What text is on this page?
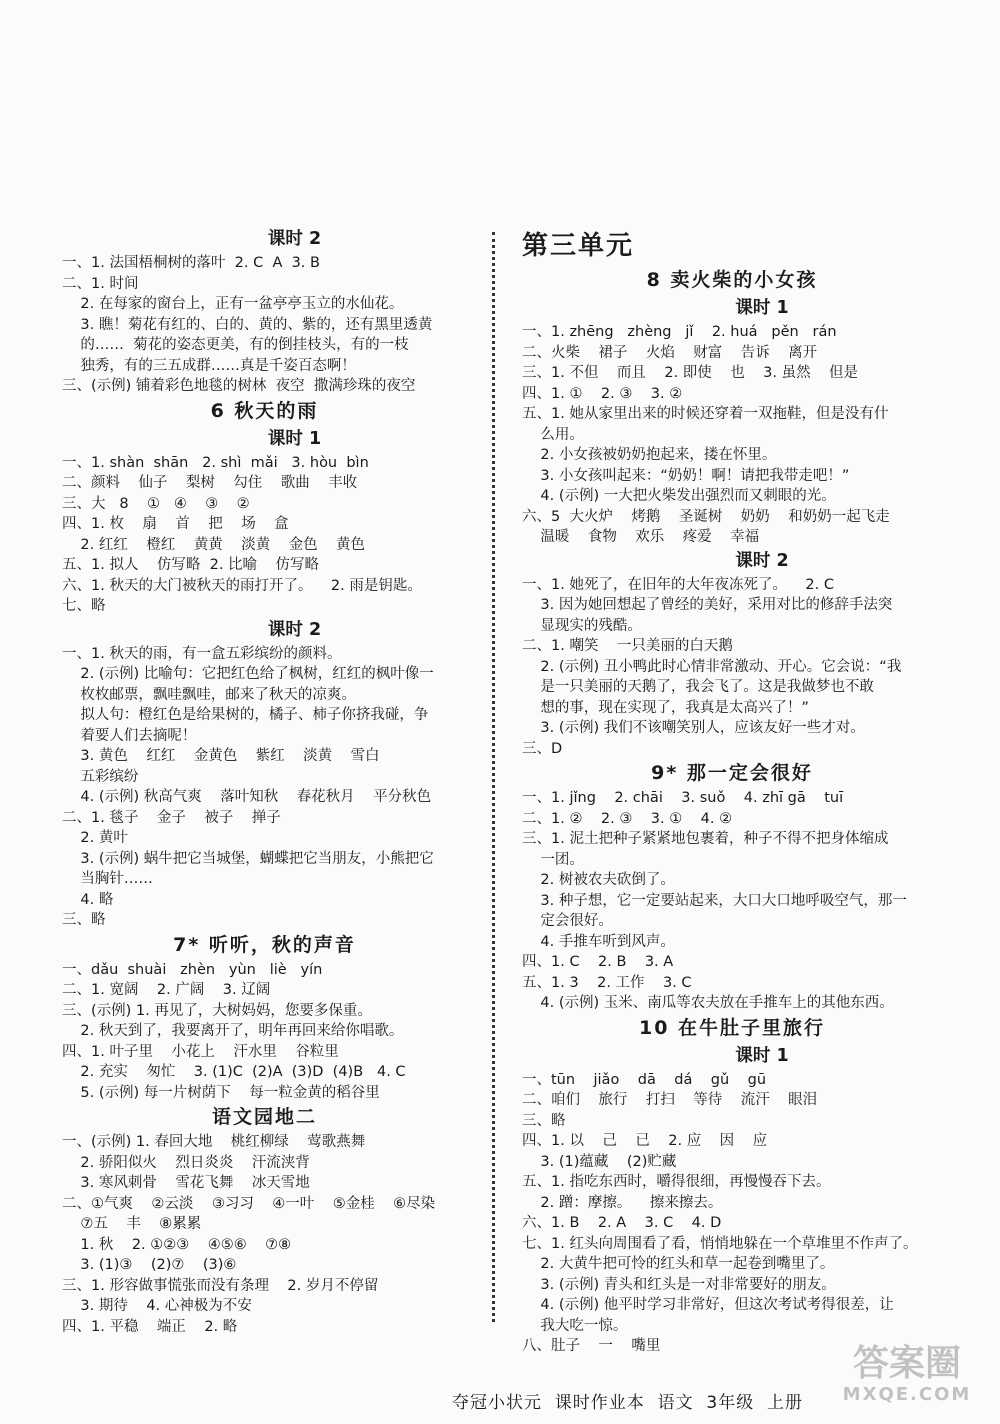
课时 2
一、1. 法国梧桐树的落叶  2. C  A  3. B
二、1. 时间
2. 在每家的窗台上，正有一盆亭亭玉立的水仙花。
3. 瞧！菊花有红的、白的、黄的、紫的，还有黑里透黄
的……  菊花的姿态更美，有的倒挂枝头，有的一枝
独秀，有的三五成群……真是千姿百态啊！
三、(示例) 铺着彩色地毯的树林  夜空  撒满珍珠的夜空
6 秋天的雨
课时 1
一、1. shàn  shān   2. shì  mǎi   3. hòu  bìn
二、颜料    仙子    梨树    勾住    歌曲    丰收
三、大   8    ①   ④    ③    ②
四、1. 枚    扇    首    把    场    盒
2. 红红    橙红    黄黄    淡黄    金色    黄色
五、1. 拟人    仿写略  2. 比喻    仿写略
六、1. 秋天的大门被秋天的雨打开了。    2. 雨是钥匙。
七、略
课时 2
一、1. 秋天的雨，有一盒五彩缤纷的颜料。
2. (示例) 比喻句：它把红色给了枫树，红红的枫叶像一
枚枚邮票，飘哇飘哇，邮来了秋天的凉爽。
拟人句：橙红色是给果树的，橘子、柿子你挤我碰，争
着要人们去摘呢！
3. 黄色    红红    金黄色    紫红    淡黄    雪白
五彩缤纷
4. (示例) 秋高气爽    落叶知秋    春花秋月    平分秋色
二、1. 毯子    金子    被子    掸子
2. 黄叶
3. (示例) 蜗牛把它当城堡，蝴蝶把它当朋友，小熊把它
当胸针……
4. 略
三、略
7* 听听，秋的声音
一、dǎu  shuài   zhèn   yùn   liè   yín
二、1. 宽阔    2. 广阔    3. 辽阔
三、(示例) 1. 再见了，大树妈妈，您要多保重。
2. 秋天到了，我要离开了，明年再回来给你唱歌。
四、1. 叶子里    小花上    汗水里    谷粒里
2. 充实    匆忙    3. (1)C  (2)A  (3)D  (4)B   4. C
5. (示例) 每一片树荫下    每一粒金黄的稻谷里
语文园地二
一、(示例) 1. 春回大地    桃红柳绿    莺歌燕舞
2. 骄阳似火    烈日炎炎    汗流浃背
3. 寒风刺骨    雪花飞舞    冰天雪地
二、①气爽    ②云淡    ③习习    ④一叶    ⑤金桂    ⑥尽染
⑦五    丰    ⑧累累
1. 秋    2. ①②③    ④⑤⑥    ⑦⑧
3. (1)③    (2)⑦    (3)⑥
三、1. 形容做事慌张而没有条理    2. 岁月不停留
3. 期待    4. 心神极为不安
四、1. 平稳    端正    2. 略
第三单元
8 卖火柴的小女孩
课时 1
一、1. zhēng   zhèng   jǐ    2. huá   pěn   rán
二、火柴    裙子    火焰    财富    告诉    离开
三、1. 不但    而且    2. 即使    也    3. 虽然    但是
四、1. ①    2. ③    3. ②
五、1. 她从家里出来的时候还穿着一双拖鞋，但是没有什
么用。
2. 小女孩被奶奶抱起来，搂在怀里。
3. 小女孩叫起来：“奶奶！啊！请把我带走吧！”
4. (示例) 一大把火柴发出强烈而又刺眼的光。
六、5  大火炉    烤鹅    圣诞树    奶奶    和奶奶一起飞走
温暖    食物    欢乐    疼爱    幸福
课时 2
一、1. 她死了，在旧年的大年夜冻死了。    2. C
3. 因为她回想起了曾经的美好，采用对比的修辞手法突
显现实的残酷。
二、1. 嘲笑    一只美丽的白天鹅
2. (示例) 丑小鸭此时心情非常激动、开心。它会说：“我
是一只美丽的天鹅了，我会飞了。这是我做梦也不敢
想的事，现在实现了，我真是太高兴了！”
3. (示例) 我们不该嘲笑别人，应该友好一些才对。
三、D
9* 那一定会很好
一、1. jǐng    2. chāi    3. suǒ    4. zhī gā    tuī
二、1. ②    2. ③    3. ①    4. ②
三、1. 泥土把种子紧紧地包裹着，种子不得不把身体缩成
一团。
2. 树被农夫砍倒了。
3. 种子想，它一定要站起来，大口大口地呼吸空气，那一
定会很好。
4. 手推车听到风声。
四、1. C    2. B    3. A
五、1. 3    2. 工作    3. C
4. (示例) 玉米、南瓜等农夫放在手推车上的其他东西。
10 在牛肚子里旅行
课时 1
一、tūn    jiǎo    dā    dá    gǔ    gū
二、咱们    旅行    打扫    等待    流汗    眼泪
三、略
四、1. 以    己    已    2. 应    因    应
3. (1)蕴藏    (2)贮藏
五、1. 指吃东西时，嚼得很细，再慢慢吞下去。
2. 蹭：摩擦。    擦来擦去。
六、1. B    2. A    3. C    4. D
七、1. 红头向周围看了看，悄悄地躲在一个草堆里不作声了。
2. 大黄牛把可怜的红头和草一起卷到嘴里了。
3. (示例) 青头和红头是一对非常要好的朋友。
4. (示例) 他平时学习非常好，但这次考试考得很差，让
我大吃一惊。
八、肚子    一    嘴里
夺冠小状元  课时作业本  语文  3年级  上册
答案圈
MXQE.COM
